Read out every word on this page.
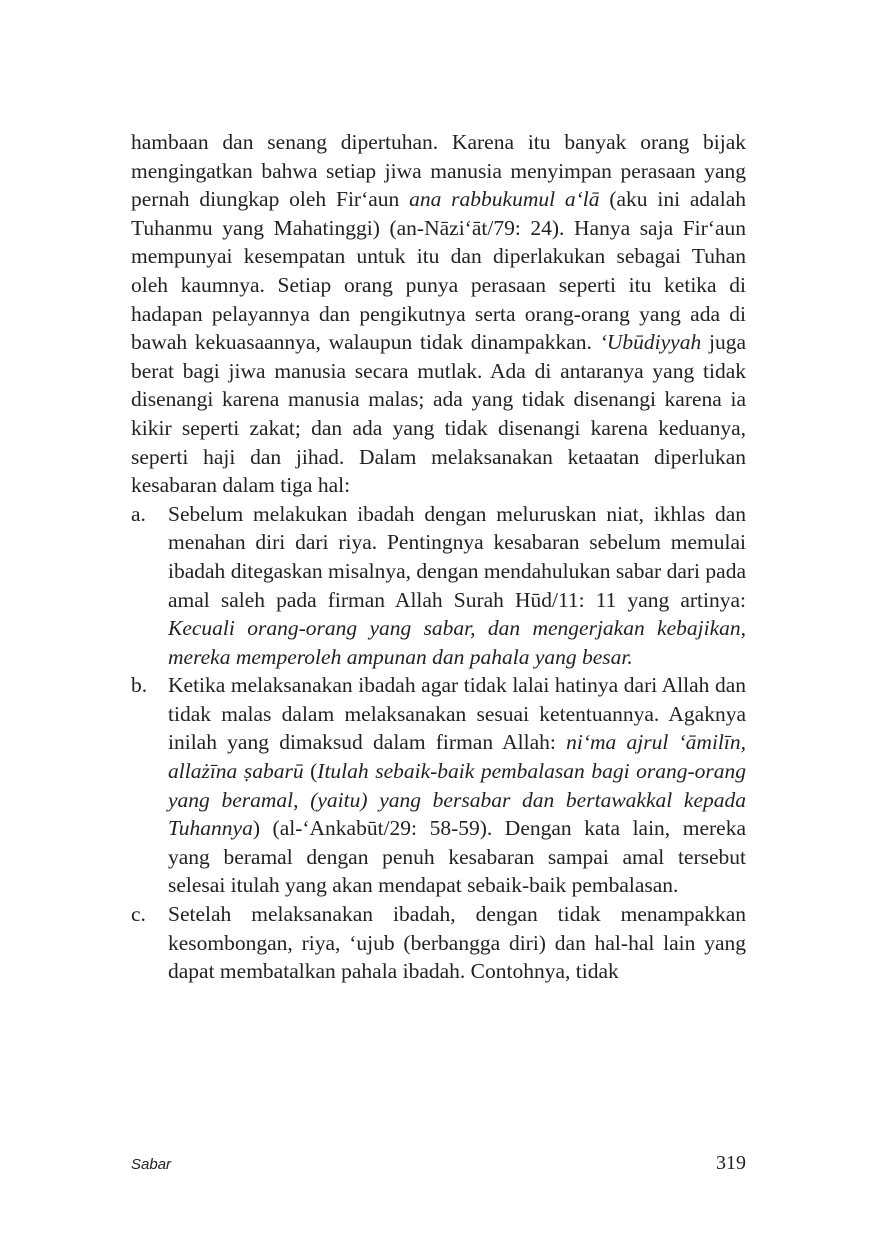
hambaan dan senang dipertuhan. Karena itu banyak orang bijak mengingatkan bahwa setiap jiwa manusia menyimpan perasaan yang pernah diungkap oleh Fir‘aun ana rabbukumul a‘lā (aku ini adalah Tuhanmu yang Mahatinggi) (an-Nāzi‘āt/79: 24). Hanya saja Fir‘aun mempunyai kesempatan untuk itu dan diperlakukan sebagai Tuhan oleh kaumnya. Setiap orang punya perasaan seperti itu ketika di hadapan pelayannya dan pengikutnya serta orang-orang yang ada di bawah kekuasaannya, walaupun tidak dinampakkan. ‘Ubūdiyyah juga berat bagi jiwa manusia secara mutlak. Ada di antaranya yang tidak disenangi karena manusia malas; ada yang tidak disenangi karena ia kikir seperti zakat; dan ada yang tidak disenangi karena keduanya, seperti haji dan jihad. Dalam melaksanakan ketaatan diperlukan kesabaran dalam tiga hal:

a. Sebelum melakukan ibadah dengan meluruskan niat, ikhlas dan menahan diri dari riya. Pentingnya kesabaran sebelum memulai ibadah ditegaskan misalnya, dengan mendahulukan sabar dari pada amal saleh pada firman Allah Surah Hūd/11: 11 yang artinya: Kecuali orang-orang yang sabar, dan mengerjakan kebajikan, mereka memperoleh ampunan dan pahala yang besar.
b. Ketika melaksanakan ibadah agar tidak lalai hatinya dari Allah dan tidak malas dalam melaksanakan sesuai ketentuannya. Agaknya inilah yang dimaksud dalam firman Allah: ni‘ma ajrul ‘āmilīn, allażīna ṣabarū (Itulah sebaik-baik pembalasan bagi orang-orang yang beramal, (yaitu) yang bersabar dan bertawakkal kepada Tuhannya) (al-‘Ankabūt/29: 58-59). Dengan kata lain, mereka yang beramal dengan penuh kesabaran sampai amal tersebut selesai itulah yang akan mendapat sebaik-baik pembalasan.
c. Setelah melaksanakan ibadah, dengan tidak menampakkan kesombongan, riya, ‘ujub (berbangga diri) dan hal-hal lain yang dapat membatalkan pahala ibadah. Contohnya, tidak
Sabar	319
